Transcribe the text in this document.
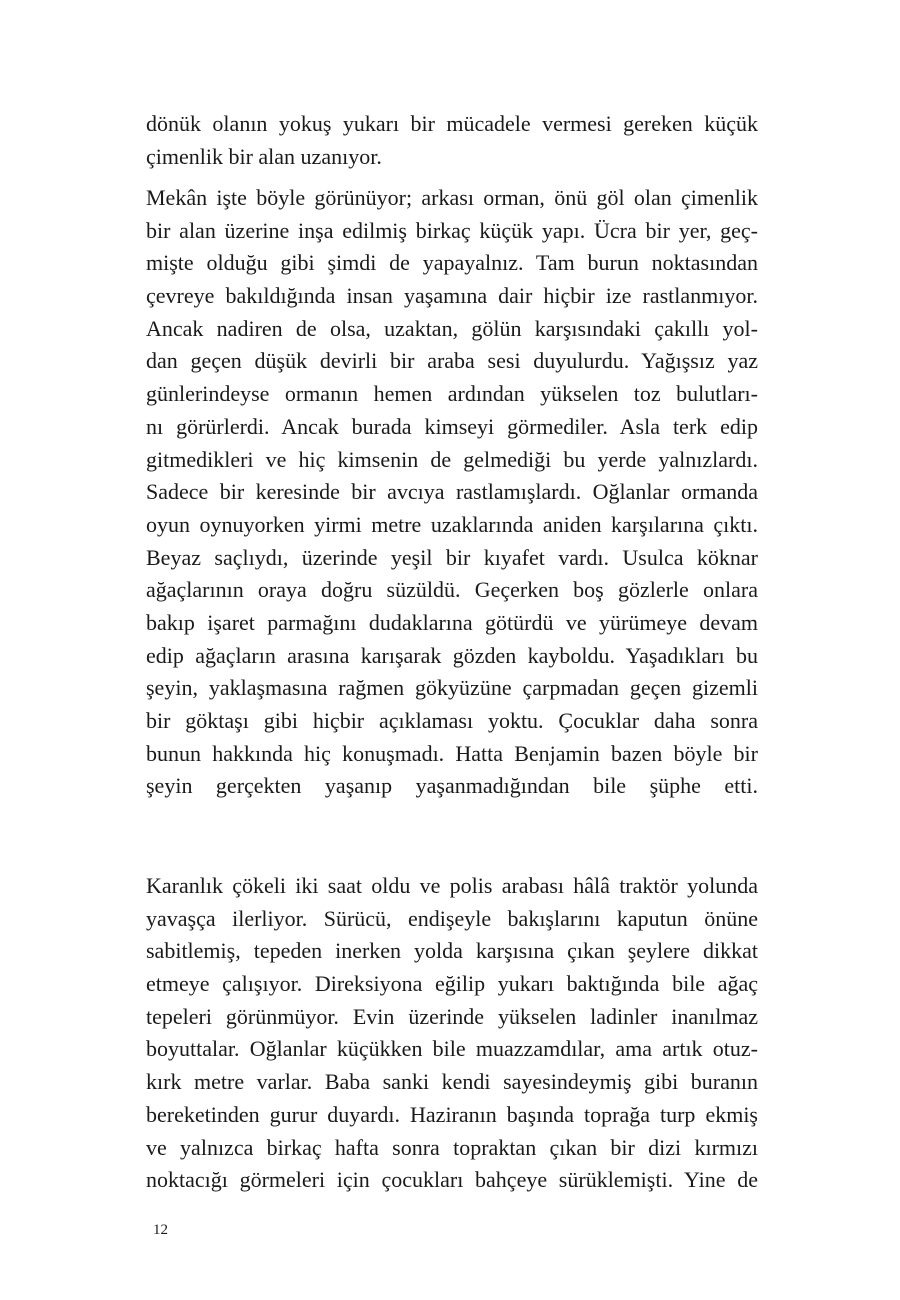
dönük olanın yokuş yukarı bir mücadele vermesi gereken küçük
çimenlik bir alan uzanıyor.
Mekân işte böyle görünüyor; arkası orman, önü göl olan çimenlik
bir alan üzerine inşa edilmiş birkaç küçük yapı. Ücra bir yer, geç-
mişte olduğu gibi şimdi de yapayalnız. Tam burun noktasından
çevreye bakıldığında insan yaşamına dair hiçbir ize rastlanmıyor.
Ancak nadiren de olsa, uzaktan, gölün karşısındaki çakıllı yol-
dan geçen düşük devirli bir araba sesi duyulurdu. Yağışsız yaz
günlerindeyse ormanın hemen ardından yükselen toz bulutları-
nı görürlerdi. Ancak burada kimseyi görmediler. Asla terk edip
gitmedikleri ve hiç kimsenin de gelmediği bu yerde yalnızlardı.
Sadece bir keresinde bir avcıya rastlamışlardı. Oğlanlar ormanda
oyun oynuyorken yirmi metre uzaklarında aniden karşılarına çıktı.
Beyaz saçlıydı, üzerinde yeşil bir kıyafet vardı. Usulca köknar
ağaçlarının oraya doğru süzüldü. Geçerken boş gözlerle onlara
bakıp işaret parmağını dudaklarına götürdü ve yürümeye devam
edip ağaçların arasına karışarak gözden kayboldu. Yaşadıkları bu
şeyin, yaklaşmasına rağmen gökyüzüne çarpmadan geçen gizemli
bir göktaşı gibi hiçbir açıklaması yoktu. Çocuklar daha sonra
bunun hakkında hiç konuşmadı. Hatta Benjamin bazen böyle bir
şeyin gerçekten yaşanıp yaşanmadığından bile şüphe etti.
Karanlık çökeli iki saat oldu ve polis arabası hâlâ traktör yolunda
yavaşça ilerliyor. Sürücü, endişeyle bakışlarını kaputun önüne
sabitlemiş, tepeden inerken yolda karşısına çıkan şeylere dikkat
etmeye çalışıyor. Direksiyona eğilip yukarı baktığında bile ağaç
tepeleri görünmüyor. Evin üzerinde yükselen ladinler inanılmaz
boyuttalar. Oğlanlar küçükken bile muazzamdılar, ama artık otuz-
kırk metre varlar. Baba sanki kendi sayesindeymiş gibi buranın
bereketinden gurur duyardı. Haziranın başında toprağa turp ekmiş
ve yalnızca birkaç hafta sonra topraktan çıkan bir dizi kırmızı
noktacığı görmeleri için çocukları bahçeye sürüklemişti. Yine de
12
